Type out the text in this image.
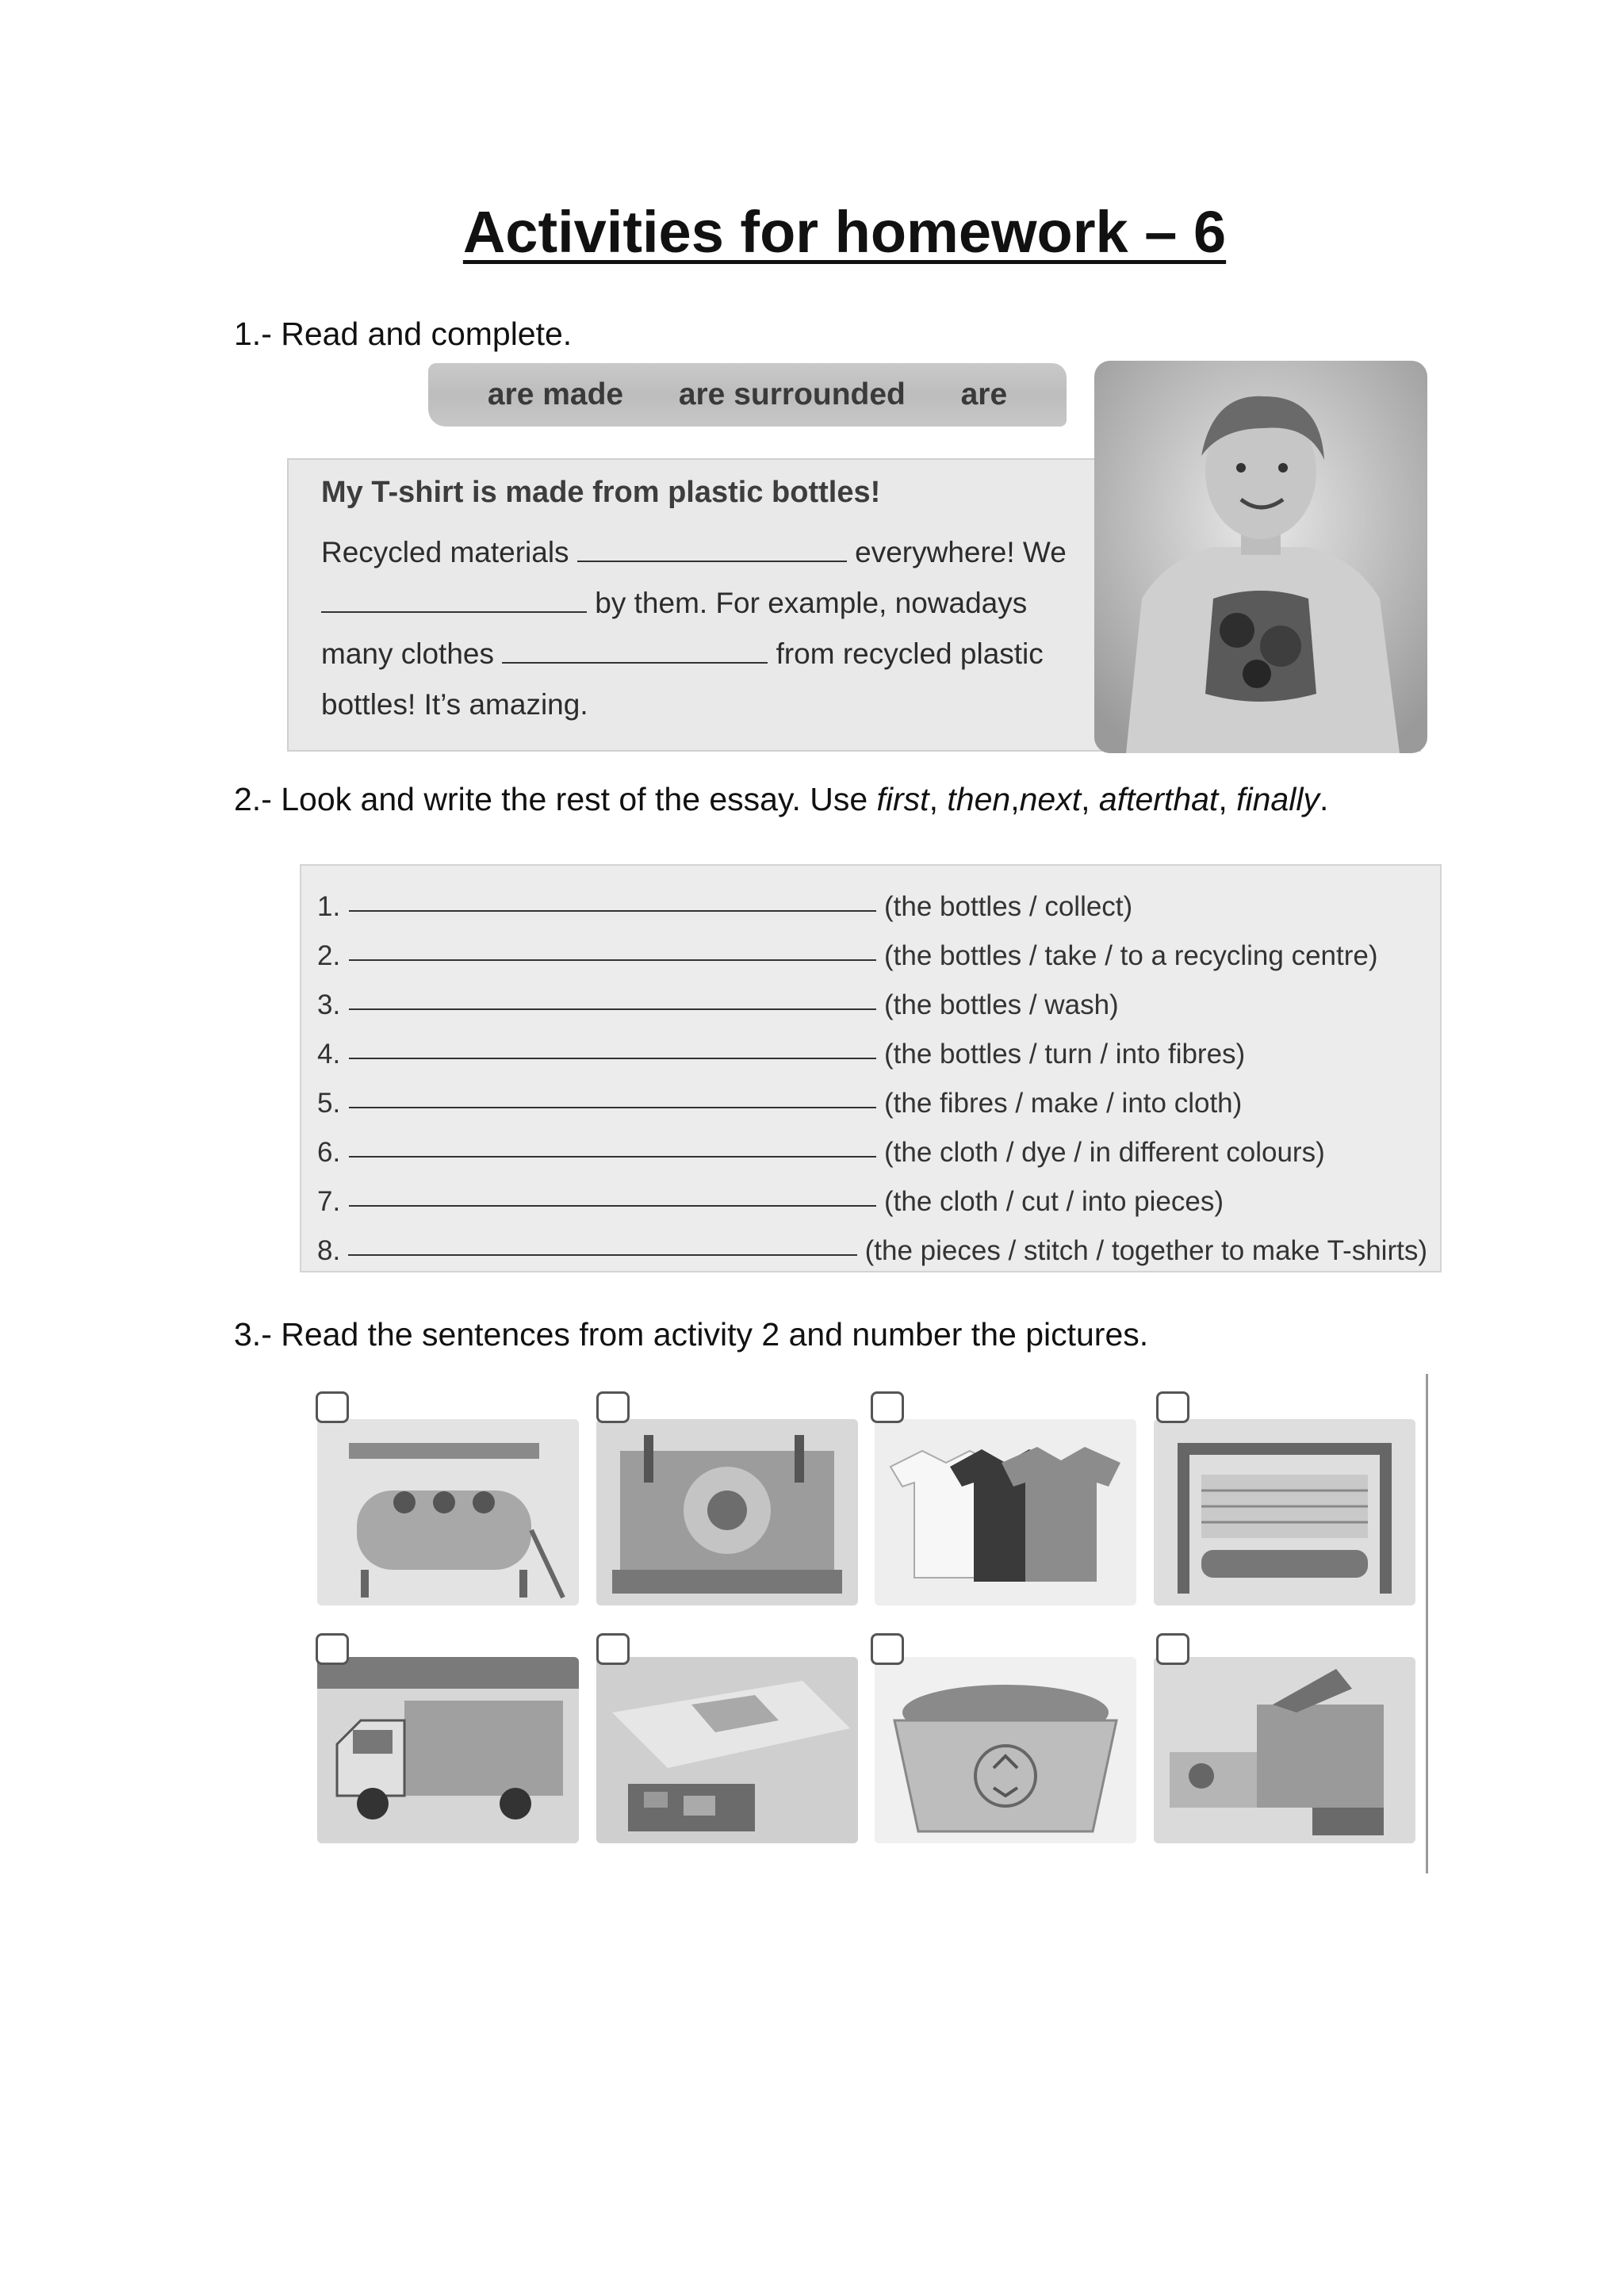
Activities for homework – 6
1.- Read and complete.
are made are surrounded are
My T-shirt is made from plastic bottles!
Recycled materials	everywhere! We
by them. For example, nowadays
many clothes	from recycled plastic
bottles! It’s amazing.
2.- Look and write the rest of the essay. Use first, then,next, afterthat, finally.
1.	(the bottles / collect)
2.	(the bottles / take / to a recycling centre)
3.	(the bottles / wash)
4.	(the bottles / turn / into fibres)
5.	(the fibres / make / into cloth)
6.	(the cloth / dye / in different colours)
7.	(the cloth / cut / into pieces)
8.	(the pieces / stitch / together to make T-shirts)
3.- Read the sentences from activity 2 and number the pictures.
